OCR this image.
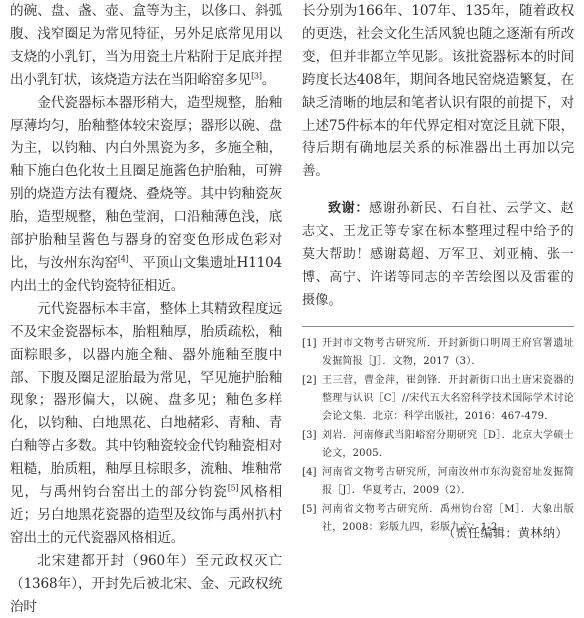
的碗、盘、盏、壶、盒等为主，以侈口、斜弧腹、浅窄圈足为常见特征，另外足底常见用以支烧的小乳钉，当为用瓷土片粘附于足底并捏出小乳钉状，该烧造方法在当阳峪窑多见[3]。

金代瓷器标本器形稍大，造型规整，胎釉厚薄均匀，胎釉整体较宋瓷厚；器形以碗、盘为主，以钧釉、内白外黑瓷为多，多施全釉，釉下施白色化妆土且圈足施酱色护胎釉，可辨别的烧造方法有覆烧、叠烧等。其中钧釉瓷灰胎，造型规整，釉色莹润，口沿釉薄色浅，底部护胎釉呈酱色与器身的窑变色形成色彩对比，与汝州东沟窑[4]、平顶山文集遗址H1104内出土的金代钧瓷特征相近。

元代瓷器标本丰富，整体上其精致程度远不及宋金瓷器标本，胎粗釉厚，胎质疏松，釉面粽眼多，以器内施全釉、器外施釉至腹中部、下腹及圈足涩胎最为常见，罕见施护胎釉现象；器形偏大，以碗、盘多见；釉色多样化，以钧釉、白地黑花、白地赭彩、青釉、青白釉等占多数。其中钧釉瓷较金代钧釉瓷相对粗糙，胎质粗，釉厚且棕眼多，流釉、堆釉常见，与禹州钧台窑出土的部分钧瓷[5]风格相近；另白地黑花瓷器的造型及纹饰与禹州扒村窑出土的元代瓷器风格相近。

北宋建都开封（960年）至元政权灭亡（1368年），开封先后被北宋、金、元政权统治时

长分别为166年、107年、135年，随着政权的更迭，社会文化生活风貌也随之逐渐有所改变，但并非都立竿见影。该批瓷器标本的时间跨度长达408年，期间各地民窑烧造繁复，在缺乏清晰的地层和笔者认识有限的前提下，对上述75件标本的年代界定相对宽泛且就下限，待后期有确地层关系的标准器出土再加以完善。

致谢：感谢孙新民、石自社、云学文、赵志文、王龙正等专家在标本整理过程中给予的莫大帮助！感谢葛超、万军卫、刘亚楠、张一博、高宁、许诺等同志的辛苦绘图以及雷霍的摄像。

[1] 开封市文物考古研究所．开封新街口明周王府官署遗址发掘简报［J］．文物，2017（3）．
[2] 王三营，曹金萍，崔剑锋．开封新街口出土唐宋瓷器的整理与认识［C］//宋代五大名窑科学技术国际学术讨论会论文集．北京：科学出版社，2016：467-479．
[3] 刘岩．河南修武当阳峪窑分期研究［D］．北京大学硕士论文，2005．
[4] 河南省文物考古研究所，河南汝州市东沟瓷窑址发掘简报［J］．华夏考古，2009（2）．
[5] 河南省文物考古研究所．禹州钧台窑［M］．大象出版社，2008：彩版九四，彩版九六：1-2．
（责任编辑：黄林纳）
